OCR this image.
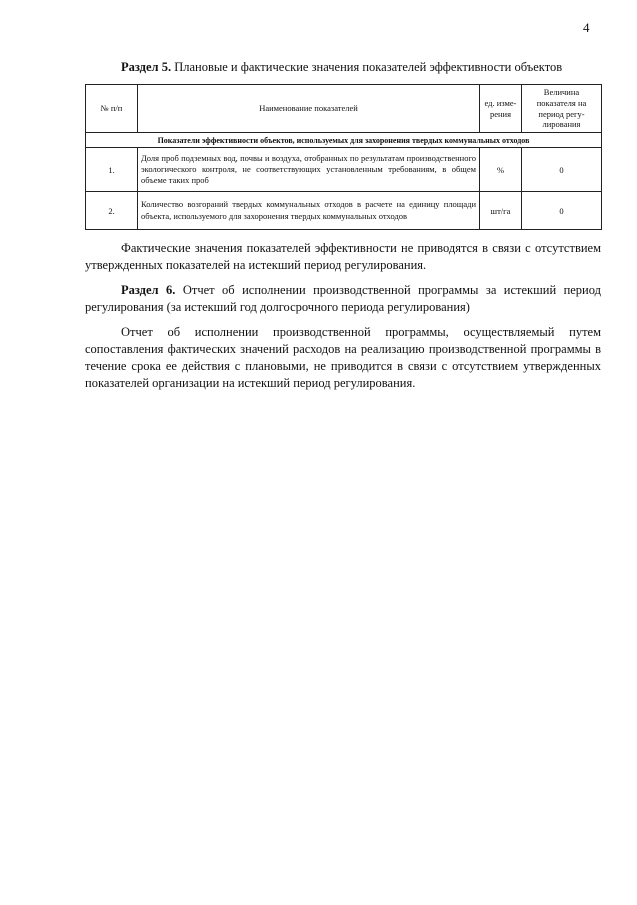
4
Раздел 5. Плановые и фактические значения показателей эффективности объектов
№ п/п	Наименование показателей	ед. изме-рения	Величина показателя на период регу-лирования
Показатели эффективности объектов, используемых для захоронения твердых коммунальных отходов			
1.	Доля проб подземных вод, почвы и воздуха, отобранных по результатам производственного экологического контроля, не соответствующих установленным требованиям, в общем объеме таких проб	%	0
2.	Количество возгораний твердых коммунальных отходов в расчете на единицу площади объекта, используемого для захоронения твердых коммунальных отходов	шт/га	0
Фактические значения показателей эффективности не приводятся в связи с отсутствием утвержденных показателей на истекший период регулирования.
Раздел 6. Отчет об исполнении производственной программы за истекший период регулирования (за истекший год долгосрочного периода регулирования)
Отчет об исполнении производственной программы, осуществляемый путем сопоставления фактических значений расходов на реализацию производственной программы в течение срока ее действия с плановыми, не приводится в связи с отсутствием утвержденных показателей организации на истекший период регулирования.
